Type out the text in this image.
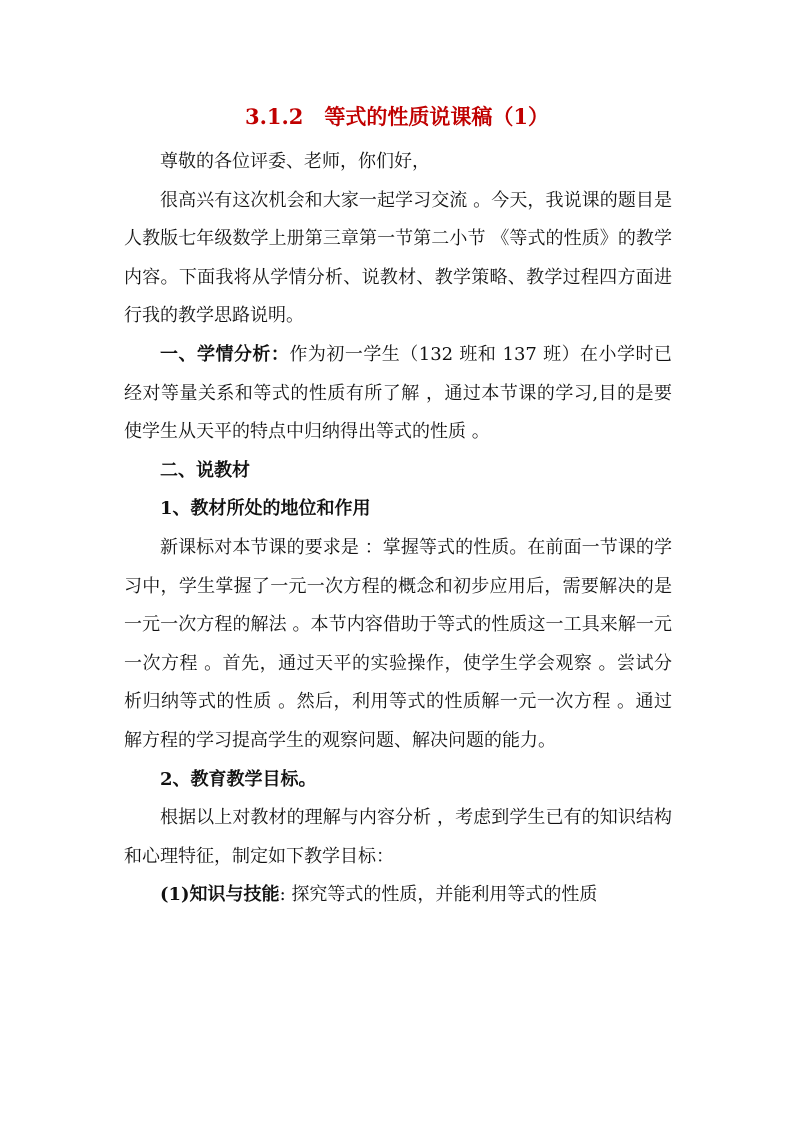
3.1.2　等式的性质说课稿（1）

尊敬的各位评委、老师，你们好，

很高兴有这次机会和大家一起学习交流 。今天，我说课的题目是人教版七年级数学上册第三章第一节第二小节 《等式的性质》的教学内容。下面我将从学情分析、说教材、教学策略、教学过程四方面进行我的教学思路说明。

一、学情分析：作为初一学生（132 班和 137 班）在小学时已经对等量关系和等式的性质有所了解 ，通过本节课的学习,目的是要使学生从天平的特点中归纳得出等式的性质 。

二、说教材

1、教材所处的地位和作用

新课标对本节课的要求是 ：掌握等式的性质。在前面一节课的学习中，学生掌握了一元一次方程的概念和初步应用后，需要解决的是一元一次方程的解法 。本节内容借助于等式的性质这一工具来解一元一次方程 。首先，通过天平的实验操作，使学生学会观察 。尝试分析归纳等式的性质 。然后，利用等式的性质解一元一次方程 。通过解方程的学习提高学生的观察问题、解决问题的能力。

2、教育教学目标。

根据以上对教材的理解与内容分析 ，考虑到学生已有的知识结构和心理特征，制定如下教学目标：

(1)知识与技能: 探究等式的性质，并能利用等式的性质
